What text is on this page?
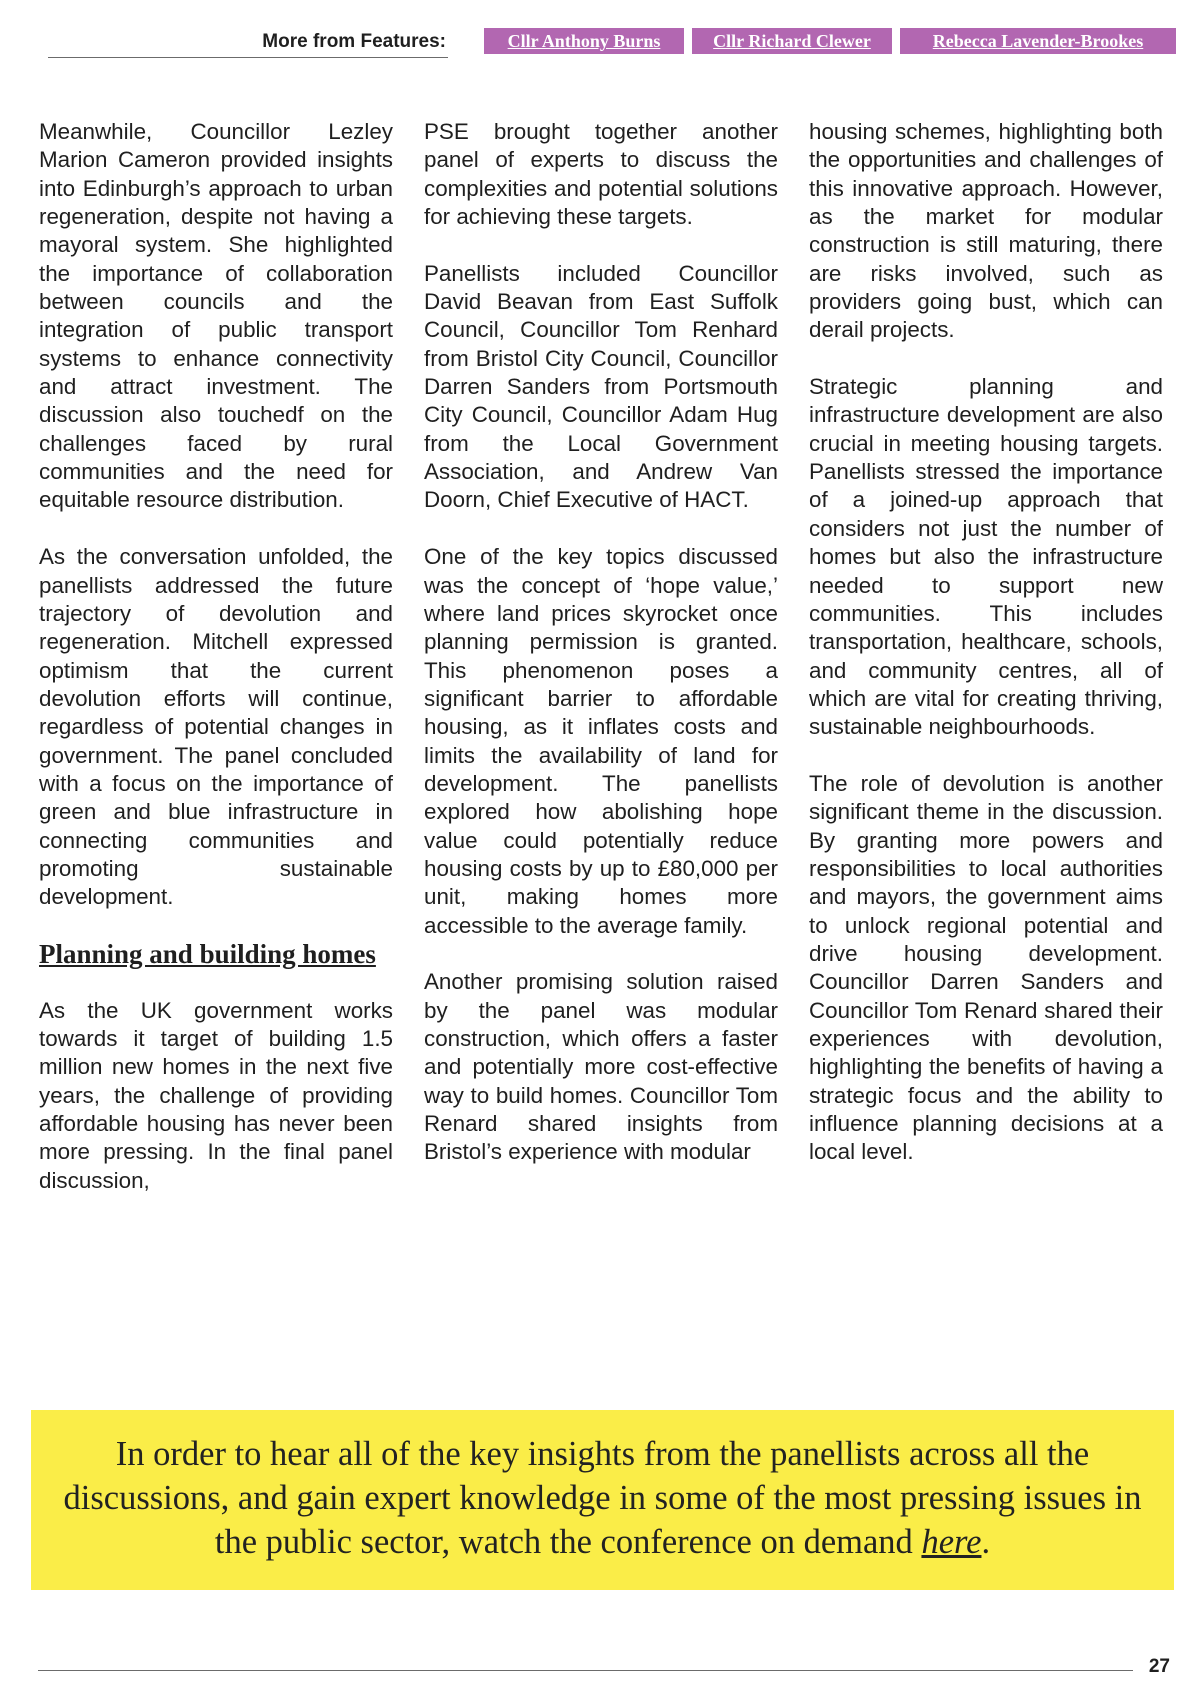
More from Features:	Cllr Anthony Burns	Cllr Richard Clewer	Rebecca Lavender-Brookes

Meanwhile, Councillor Lezley Marion Cameron provided insights into Edinburgh’s approach to urban regeneration, despite not having a mayoral system. She highlighted the importance of collaboration between councils and the integration of public transport systems to enhance connectivity and attract investment. The discussion also touchedf on the challenges faced by rural communities and the need for equitable resource distribution.

As the conversation unfolded, the panellists addressed the future trajectory of devolution and regeneration. Mitchell expressed optimism that the current devolution efforts will continue, regardless of potential changes in government. The panel concluded with a focus on the importance of green and blue infrastructure in connecting communities and promoting sustainable development.

Planning and building homes

As the UK government works towards it target of building 1.5 million new homes in the next five years, the challenge of providing affordable housing has never been more pressing. In the final panel discussion,

PSE brought together another panel of experts to discuss the complexities and potential solutions for achieving these targets.

Panellists included Councillor David Beavan from East Suffolk Council, Councillor Tom Renhard from Bristol City Council, Councillor Darren Sanders from Portsmouth City Council, Councillor Adam Hug from the Local Government Association, and Andrew Van Doorn, Chief Executive of HACT.

One of the key topics discussed was the concept of ‘hope value,’ where land prices skyrocket once planning permission is granted. This phenomenon poses a significant barrier to affordable housing, as it inflates costs and limits the availability of land for development. The panellists explored how abolishing hope value could potentially reduce housing costs by up to £80,000 per unit, making homes more accessible to the average family.

Another promising solution raised by the panel was modular construction, which offers a faster and potentially more cost-effective way to build homes. Councillor Tom Renard shared insights from Bristol’s experience with modular

housing schemes, highlighting both the opportunities and challenges of this innovative approach. However, as the market for modular construction is still maturing, there are risks involved, such as providers going bust, which can derail projects.

Strategic planning and infrastructure development are also crucial in meeting housing targets. Panellists stressed the importance of a joined-up approach that considers not just the number of homes but also the infrastructure needed to support new communities. This includes transportation, healthcare, schools, and community centres, all of which are vital for creating thriving, sustainable neighbourhoods.

The role of devolution is another significant theme in the discussion. By granting more powers and responsibilities to local authorities and mayors, the government aims to unlock regional potential and drive housing development. Councillor Darren Sanders and Councillor Tom Renard shared their experiences with devolution, highlighting the benefits of having a strategic focus and the ability to influence planning decisions at a local level.

In order to hear all of the key insights from the panellists across all the discussions, and gain expert knowledge in some of the most pressing issues in the public sector, watch the conference on demand here.
27
